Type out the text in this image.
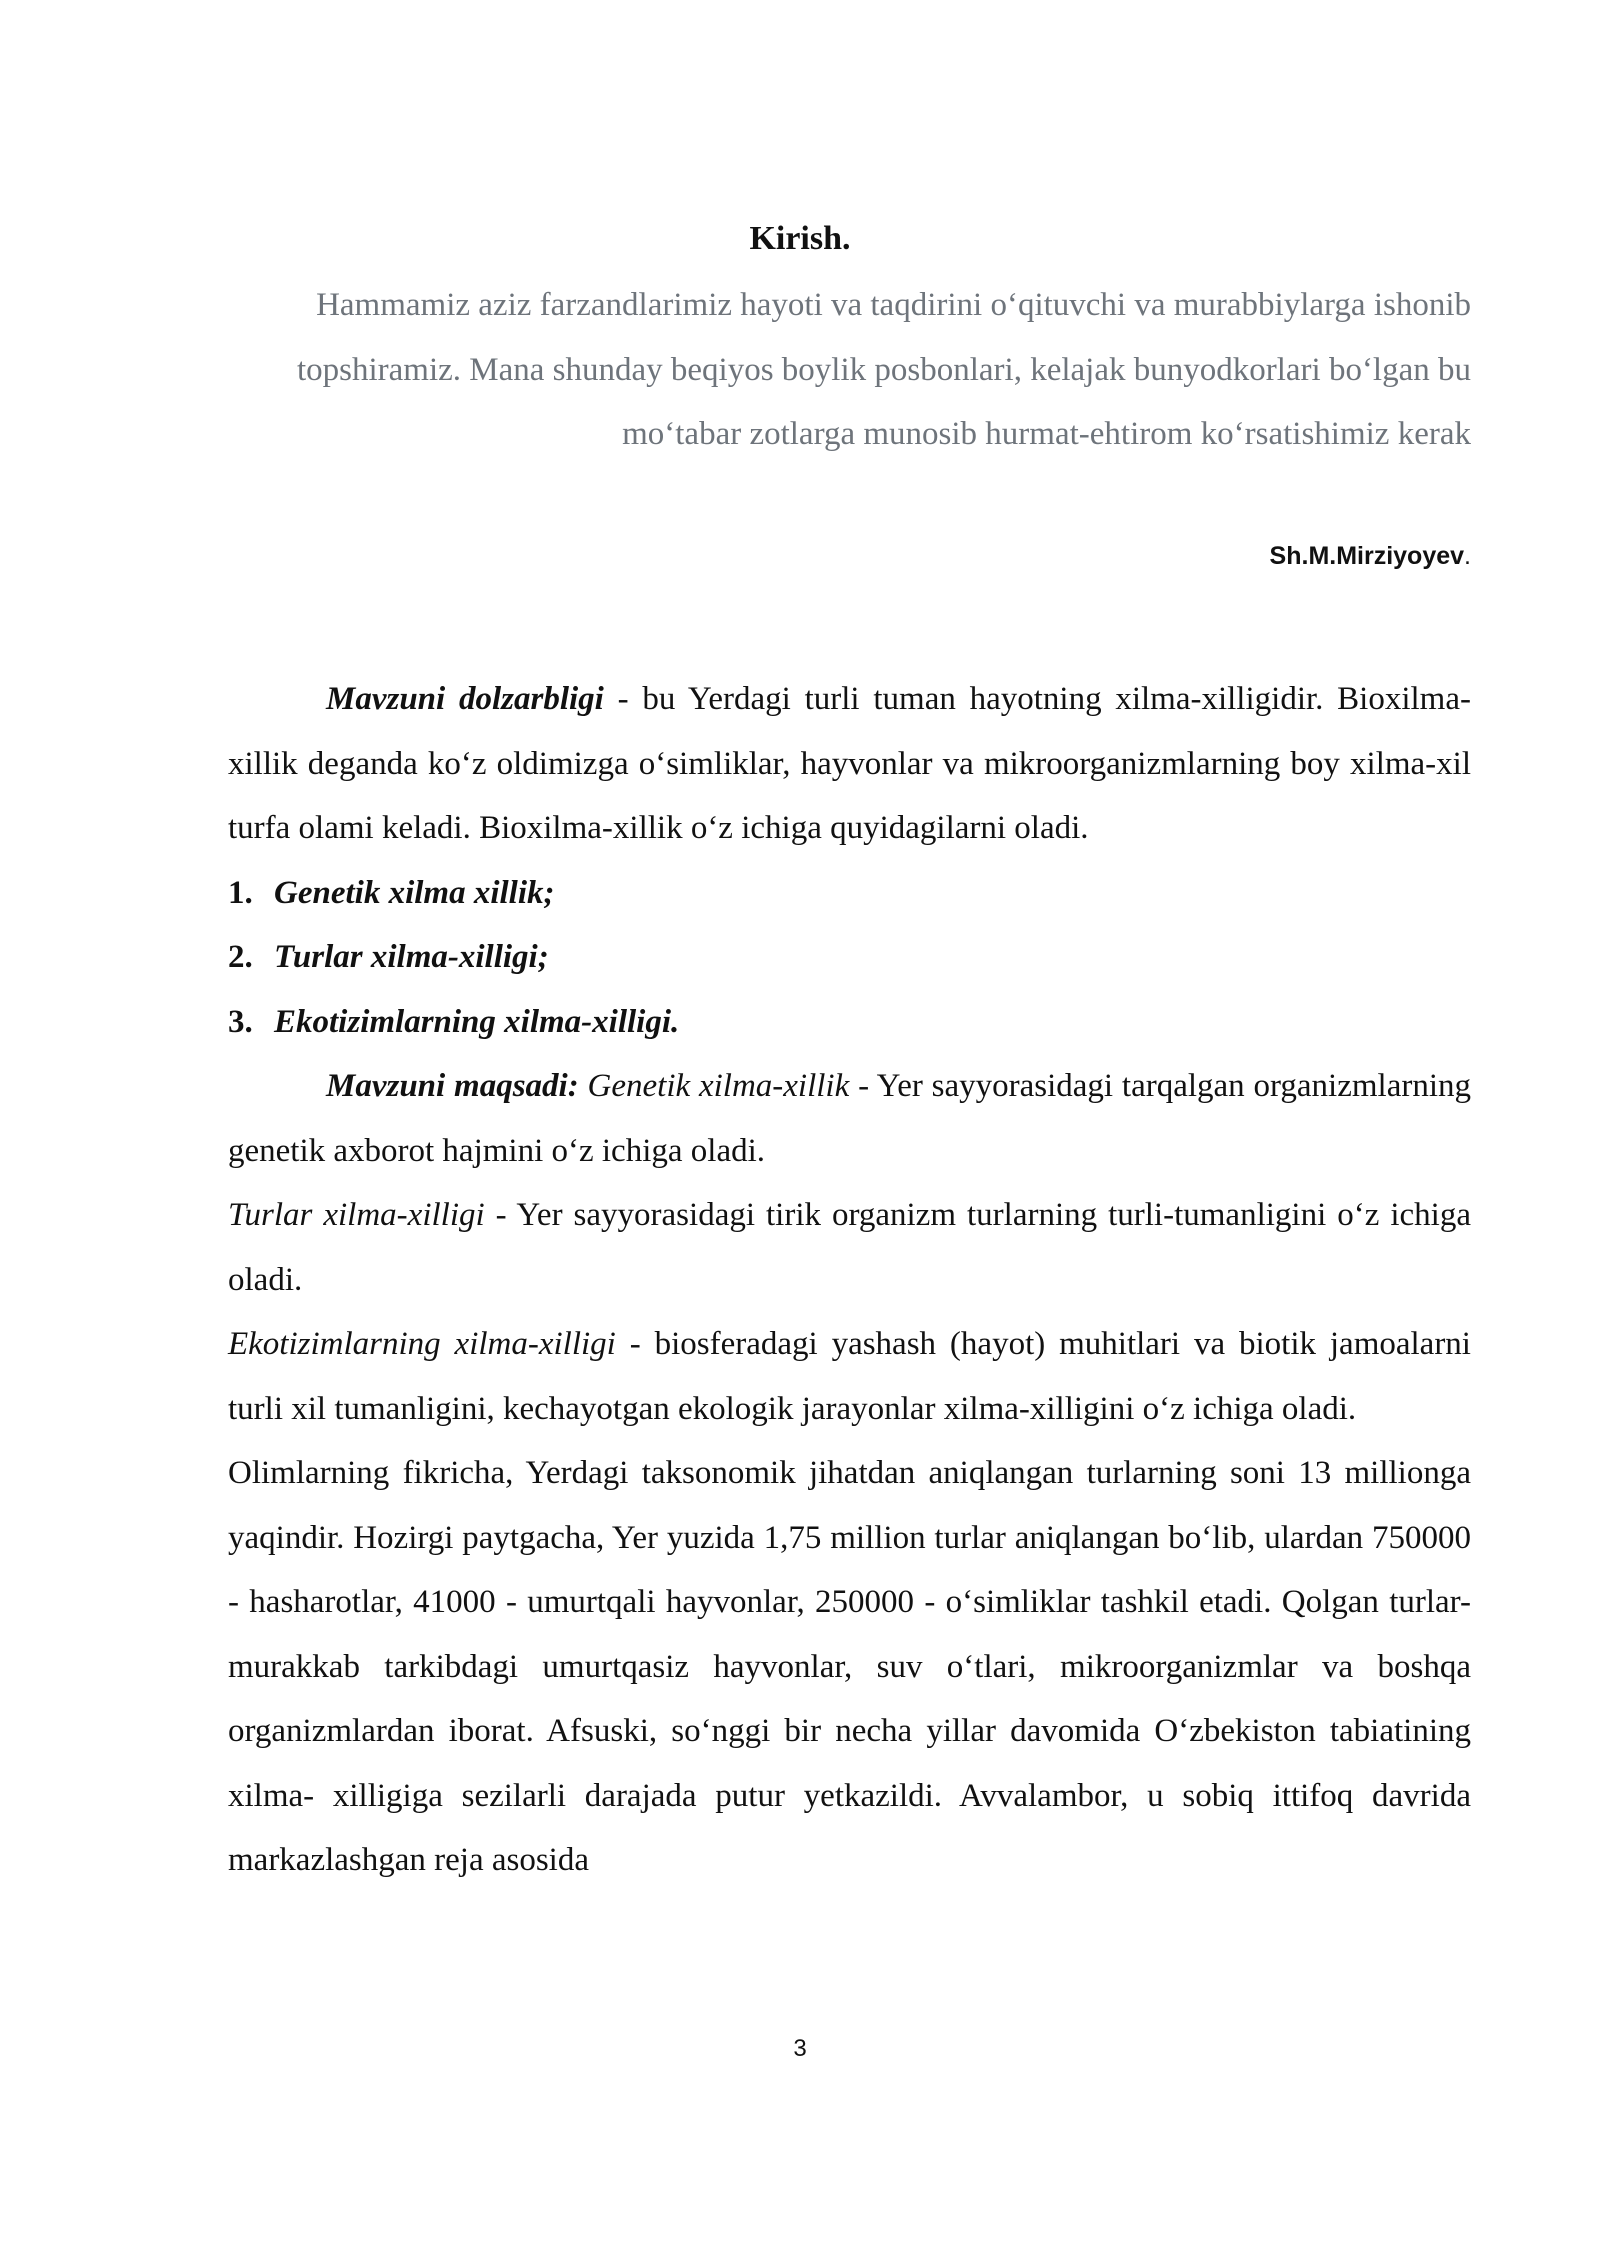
Kirish.

Hammamiz aziz farzandlarimiz hayoti va taqdirini o‘qituvchi va murabbiylarga ishonib topshiramiz. Mana shunday beqiyos boylik posbonlari, kelajak bunyodkorlari bo‘lgan bu mo‘tabar zotlarga munosib hurmat-ehtirom ko‘rsatishimiz kerak

Sh.M.Mirziyoyev.

Mavzuni dolzarbligi - bu Yerdagi turli tuman hayotning xilma-xilligidir. Bioxilma-xillik deganda ko‘z oldimizga o‘simliklar, hayvonlar va mikroorganizmlarning boy xilma-xil turfa olami keladi. Bioxilma-xillik o‘z ichiga quyidagilarni oladi.

1. Genetik xilma xillik;

2. Turlar xilma-xilligi;

3. Ekotizimlarning xilma-xilligi.

Mavzuni maqsadi: Genetik xilma-xillik - Yer sayyorasidagi tarqalgan organizmlarning genetik axborot hajmini o‘z ichiga oladi.

Turlar xilma-xilligi - Yer sayyorasidagi tirik organizm turlarning turli-tumanligini o‘z ichiga oladi.

Ekotizimlarning xilma-xilligi - biosferadagi yashash (hayot) muhitlari va biotik jamoalarni turli xil tumanligini, kechayotgan ekologik jarayonlar xilma-xilligini o‘z ichiga oladi.

Olimlarning fikricha, Yerdagi taksonomik jihatdan aniqlangan turlarning soni 13 millionga yaqindir. Hozirgi paytgacha, Yer yuzida 1,75 million turlar aniqlangan bo‘lib, ulardan 750000 - hasharotlar, 41000 - umurtqali hayvonlar, 250000 - o‘simliklar tashkil etadi. Qolgan turlar-murakkab tarkibdagi umurtqasiz hayvonlar, suv o‘tlari, mikroorganizmlar va boshqa organizmlardan iborat. Afsuski, so‘nggi bir necha yillar davomida O‘zbekiston tabiatining xilma- xilligiga sezilarli darajada putur yetkazildi. Avvalambor, u sobiq ittifoq davrida markazlashgan reja asosida

3
